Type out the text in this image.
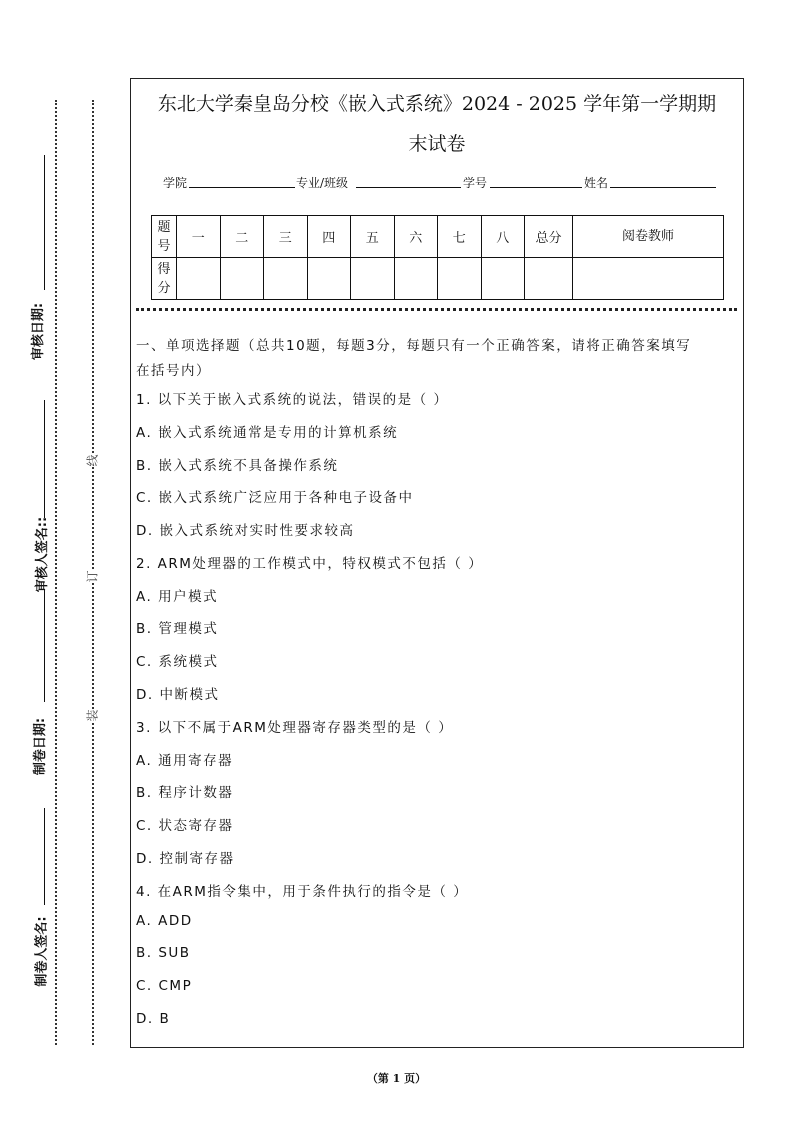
审核日期:
审核人签名::
制卷日期:
制卷人签名:
线
订
装
东北大学秦皇岛分校《嵌入式系统》2024 - 2025 学年第一学期期
末试卷
学院	专业/班级	学号	姓名
题号	一	二	三	四	五	六	七	八	总分	阅卷教师
得分										
一、单项选择题（总共10题，每题3分，每题只有一个正确答案，请将正确答案填写
在括号内）
1. 以下关于嵌入式系统的说法，错误的是（ ）
A. 嵌入式系统通常是专用的计算机系统
B. 嵌入式系统不具备操作系统
C. 嵌入式系统广泛应用于各种电子设备中
D. 嵌入式系统对实时性要求较高
2. ARM处理器的工作模式中，特权模式不包括（ ）
A. 用户模式
B. 管理模式
C. 系统模式
D. 中断模式
3. 以下不属于ARM处理器寄存器类型的是（ ）
A. 通用寄存器
B. 程序计数器
C. 状态寄存器
D. 控制寄存器
4. 在ARM指令集中，用于条件执行的指令是（ ）
A. ADD
B. SUB
C. CMP
D. B
（第 1 页）
